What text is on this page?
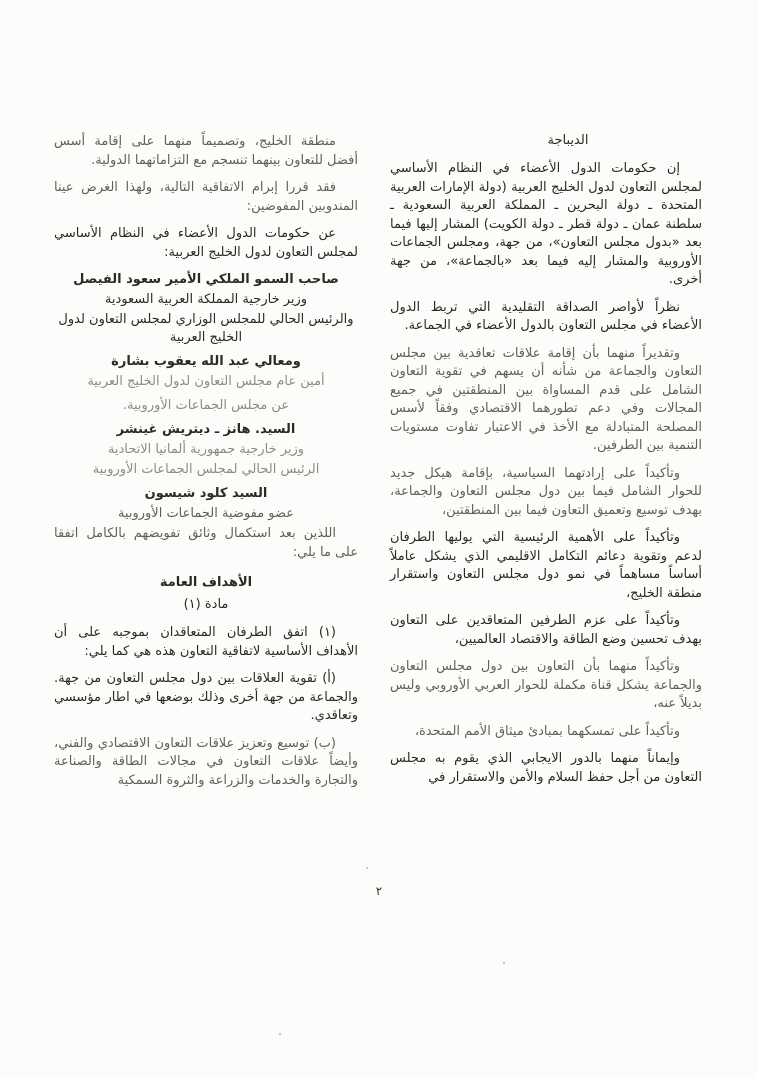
الديباجة

إن حكومات الدول الأعضاء في النظام الأساسي لمجلس التعاون لدول الخليج العربية (دولة الإمارات العربية المتحدة ـ دولة البحرين ـ المملكة العربية السعودية ـ سلطنة عمان ـ دولة قطر ـ دولة الكويت) المشار إليها فيما بعد «بدول مجلس التعاون»، من جهة، ومجلس الجماعات الأوروبية والمشار إليه فيما بعد «بالجماعة»، من جهة أخرى.

نظراً لأواصر الصداقة التقليدية التي تربط الدول الأعضاء في مجلس التعاون بالدول الأعضاء في الجماعة.

وتقديراً منهما بأن إقامة علاقات تعاقدية بين مجلس التعاون والجماعة من شأنه أن يسهم في تقوية التعاون الشامل على قدم المساواة بين المنطقتين في جميع المجالات وفي دعم تطورهما الاقتصادي وفقاً لأسس المصلحة المتبادلة مع الأخذ في الاعتبار تفاوت مستويات التنمية بين الطرفين.

وتأكيداً على إرادتهما السياسية، بإقامة هيكل جديد للحوار الشامل فيما بين دول مجلس التعاون والجماعة، بهدف توسيع وتعميق التعاون فيما بين المنطقتين،

وتأكيداً على الأهمية الرئيسية التي يوليها الطرفان لدعم وتقوية دعائم التكامل الاقليمي الذي يشكل عاملاً أساساً مساهماً في نمو دول مجلس التعاون واستقرار منطقة الخليج،

وتأكيداً على عزم الطرفين المتعاقدين على التعاون بهدف تحسين وضع الطاقة والاقتصاد العالميين،

وتأكيداً منهما بأن التعاون بين دول مجلس التعاون والجماعة يشكل قناة مكملة للحوار العربي الأوروبي وليس بديلاً عنه،

وتأكيداً على تمسكهما بمبادئ ميثاق الأمم المتحدة،

وإيماناً منهما بالدور الايجابي الذي يقوم به مجلس التعاون من أجل حفظ السلام والأمن والاستقرار في

منطقة الخليج، وتصميماً منهما على إقامة أسس أفضل للتعاون بينهما تنسجم مع التزاماتهما الدولية.

فقد قررا إبرام الاتفاقية التالية، ولهذا الغرض عينا المندوبين المفوضين:

عن حكومات الدول الأعضاء في النظام الأساسي لمجلس التعاون لدول الخليج العربية:

صاحب السمو الملكي الأمير سعود الفيصل
وزير خارجية المملكة العربية السعودية
والرئيس الحالي للمجلس الوزاري لمجلس التعاون لدول الخليج العربية
ومعالي عبد الله يعقوب بشارة
أمين عام مجلس التعاون لدول الخليج العربية
عن مجلس الجماعات الأوروبية.
السيد. هانز ـ ديتريش غينشر
وزير خارجية جمهورية ألمانيا الاتحادية
الرئيس الحالي لمجلس الجماعات الأوروبية
السيد كلود شيسون
عضو مفوضية الجماعات الأوروبية

اللذين بعد استكمال وثائق تفويضهم بالكامل اتفقا على ما يلي:

الأهداف العامة
مادة (١)

(١) اتفق الطرفان المتعاقدان بموجبه على أن الأهداف الأساسية لاتفاقية التعاون هذه هي كما يلي:

(أ) تقوية العلاقات بين دول مجلس التعاون من جهة. والجماعة من جهة أخرى وذلك بوضعها في اطار مؤسسي وتعاقدي.

(ب) توسيع وتعزيز علاقات التعاون الاقتصادي والفني، وأيضاً علاقات التعاون في مجالات الطاقة والصناعة والتجارة والخدمات والزراعة والثروة السمكية

٢
